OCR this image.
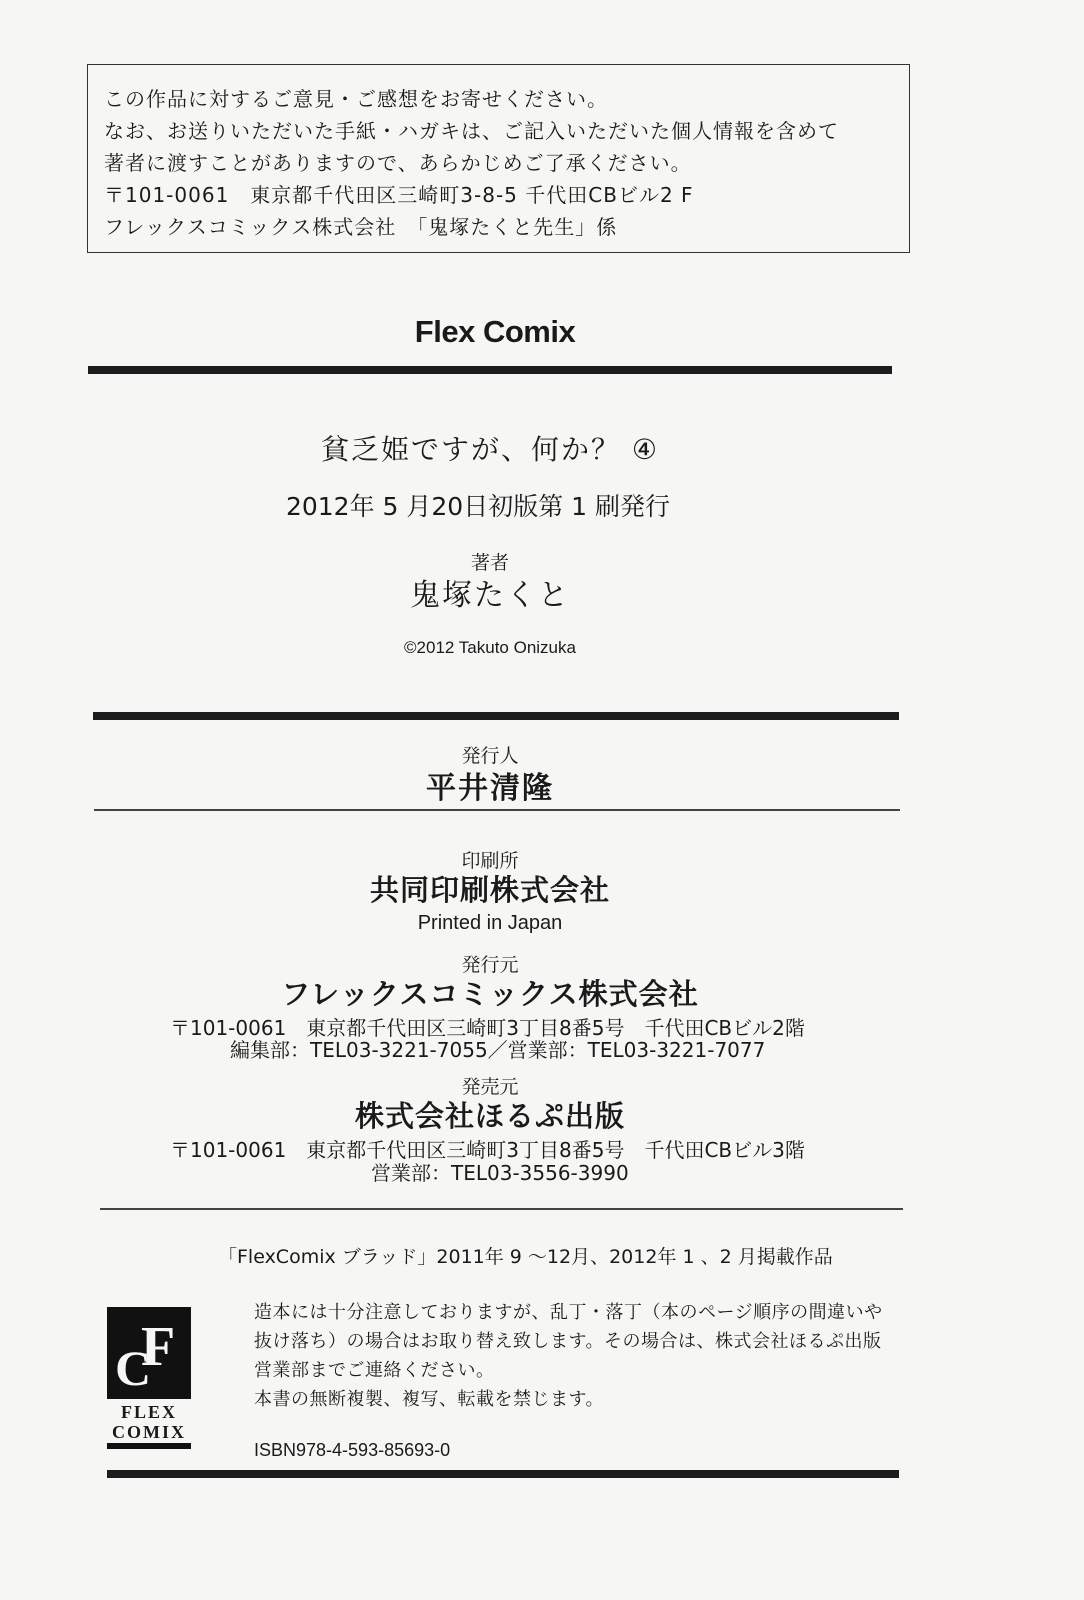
この作品に対するご意見・ご感想をお寄せください。
なお、お送りいただいた手紙・ハガキは、ご記入いただいた個人情報を含めて
著者に渡すことがありますので、あらかじめご了承ください。
〒101-0061　東京都千代田区三崎町3-8-5 千代田CBビル2 F
フレックスコミックス株式会社　「鬼塚たくと先生」係
Flex Comix
貧乏姫ですが、何か？ ④
2012年 5 月20日初版第 1 刷発行
著者
鬼塚たくと
©2012 Takuto Onizuka
発行人
平井清隆
印刷所
共同印刷株式会社
Printed in Japan
発行元
フレックスコミックス株式会社
〒101-0061　東京都千代田区三崎町3丁目8番5号　千代田CBビル2階
編集部：TEL03-3221-7055／営業部：TEL03-3221-7077
発売元
株式会社ほるぷ出版
〒101-0061　東京都千代田区三崎町3丁目8番5号　千代田CBビル3階
営業部：TEL03-3556-3990
「FlexComix ブラッド」2011年 9 ～12月、2012年 1 、2 月掲載作品
C
F
FLEX
COMIX
造本には十分注意しておりますが、乱丁・落丁（本のページ順序の間違いや
抜け落ち）の場合はお取り替え致します。その場合は、株式会社ほるぷ出版
営業部までご連絡ください。
本書の無断複製、複写、転載を禁じます。
ISBN978-4-593-85693-0
